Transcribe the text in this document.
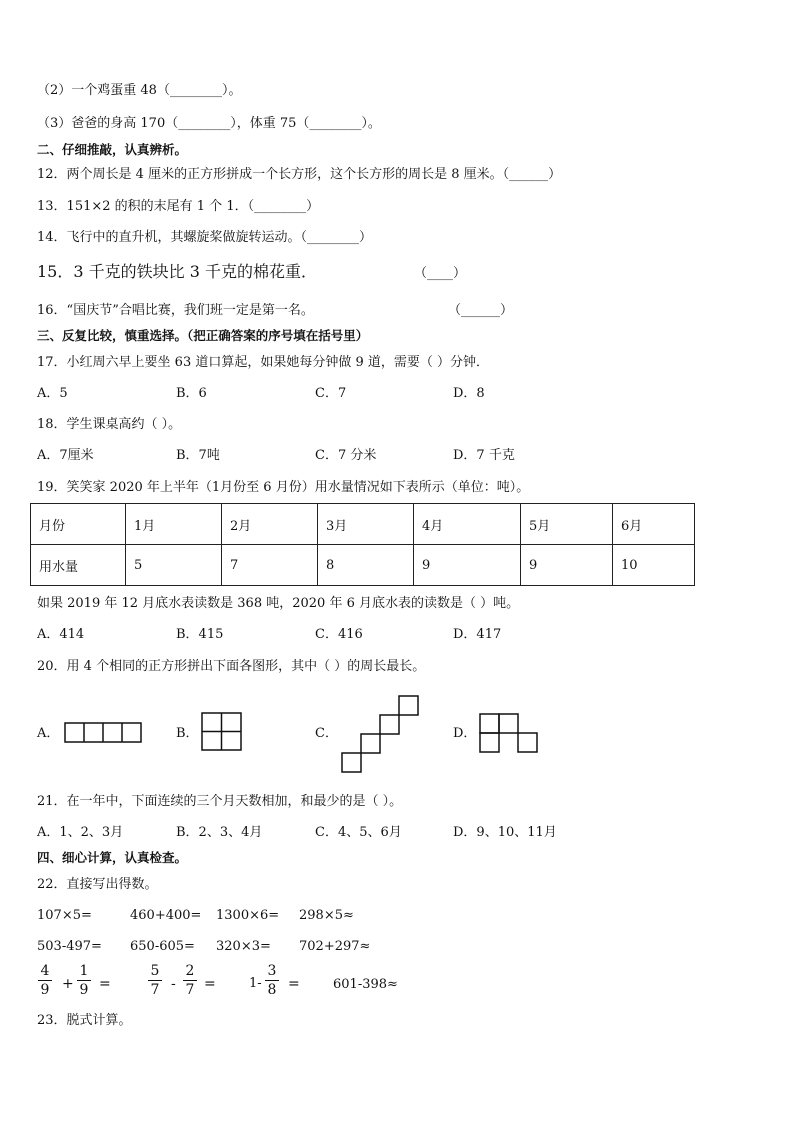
（2）一个鸡蛋重 48（________）。
（3）爸爸的身高 170（________），体重 75（________）。
二、仔细推敲，认真辨析。
12．两个周长是 4 厘米的正方形拼成一个长方形，这个长方形的周长是 8 厘米。（______）
13．151×2 的积的末尾有 1 个 1．（________）
14．飞行中的直升机，其螺旋桨做旋转运动。（________）
15．3 千克的铁块比 3 千克的棉花重．	（____）
16．“国庆节”合唱比赛，我们班一定是第一名。	（______）
三、反复比较，慎重选择。（把正确答案的序号填在括号里）
17．小红周六早上要坐 63 道口算起，如果她每分钟做 9 道，需要（ ）分钟．
A．5	B．6	C．7	D．8
18．学生课桌高约（ ）。
A．7厘米	B．7吨	C．7 分米	D．7 千克
19．笑笑家 2020 年上半年（1月份至 6 月份）用水量情况如下表所示（单位：吨）。
月份	1月	2月	3月	4月	5月	6月
用水量	5	7	8	9	9	10
如果 2019 年 12 月底水表读数是 368 吨，2020 年 6 月底水表的读数是（ ）吨。
A．414	B．415	C．416	D．417
20．用 4 个相同的正方形拼出下面各图形，其中（ ）的周长最长。
A．	B．	C．	D．
21．在一年中，下面连续的三个月天数相加，和最少的是（ ）。
A．1、2、3月	B．2、3、4月	C．4、5、6月	D．9、10、11月
四、细心计算，认真检查。
22．直接写出得数。
107×5=	460+400= 1300×6= 298×5≈
503-497= 650-605= 320×3= 702+297≈
4
9 +
1
9 =
5
7 -
2
7 =	1-
3
8 =	601-398≈
23．脱式计算。
